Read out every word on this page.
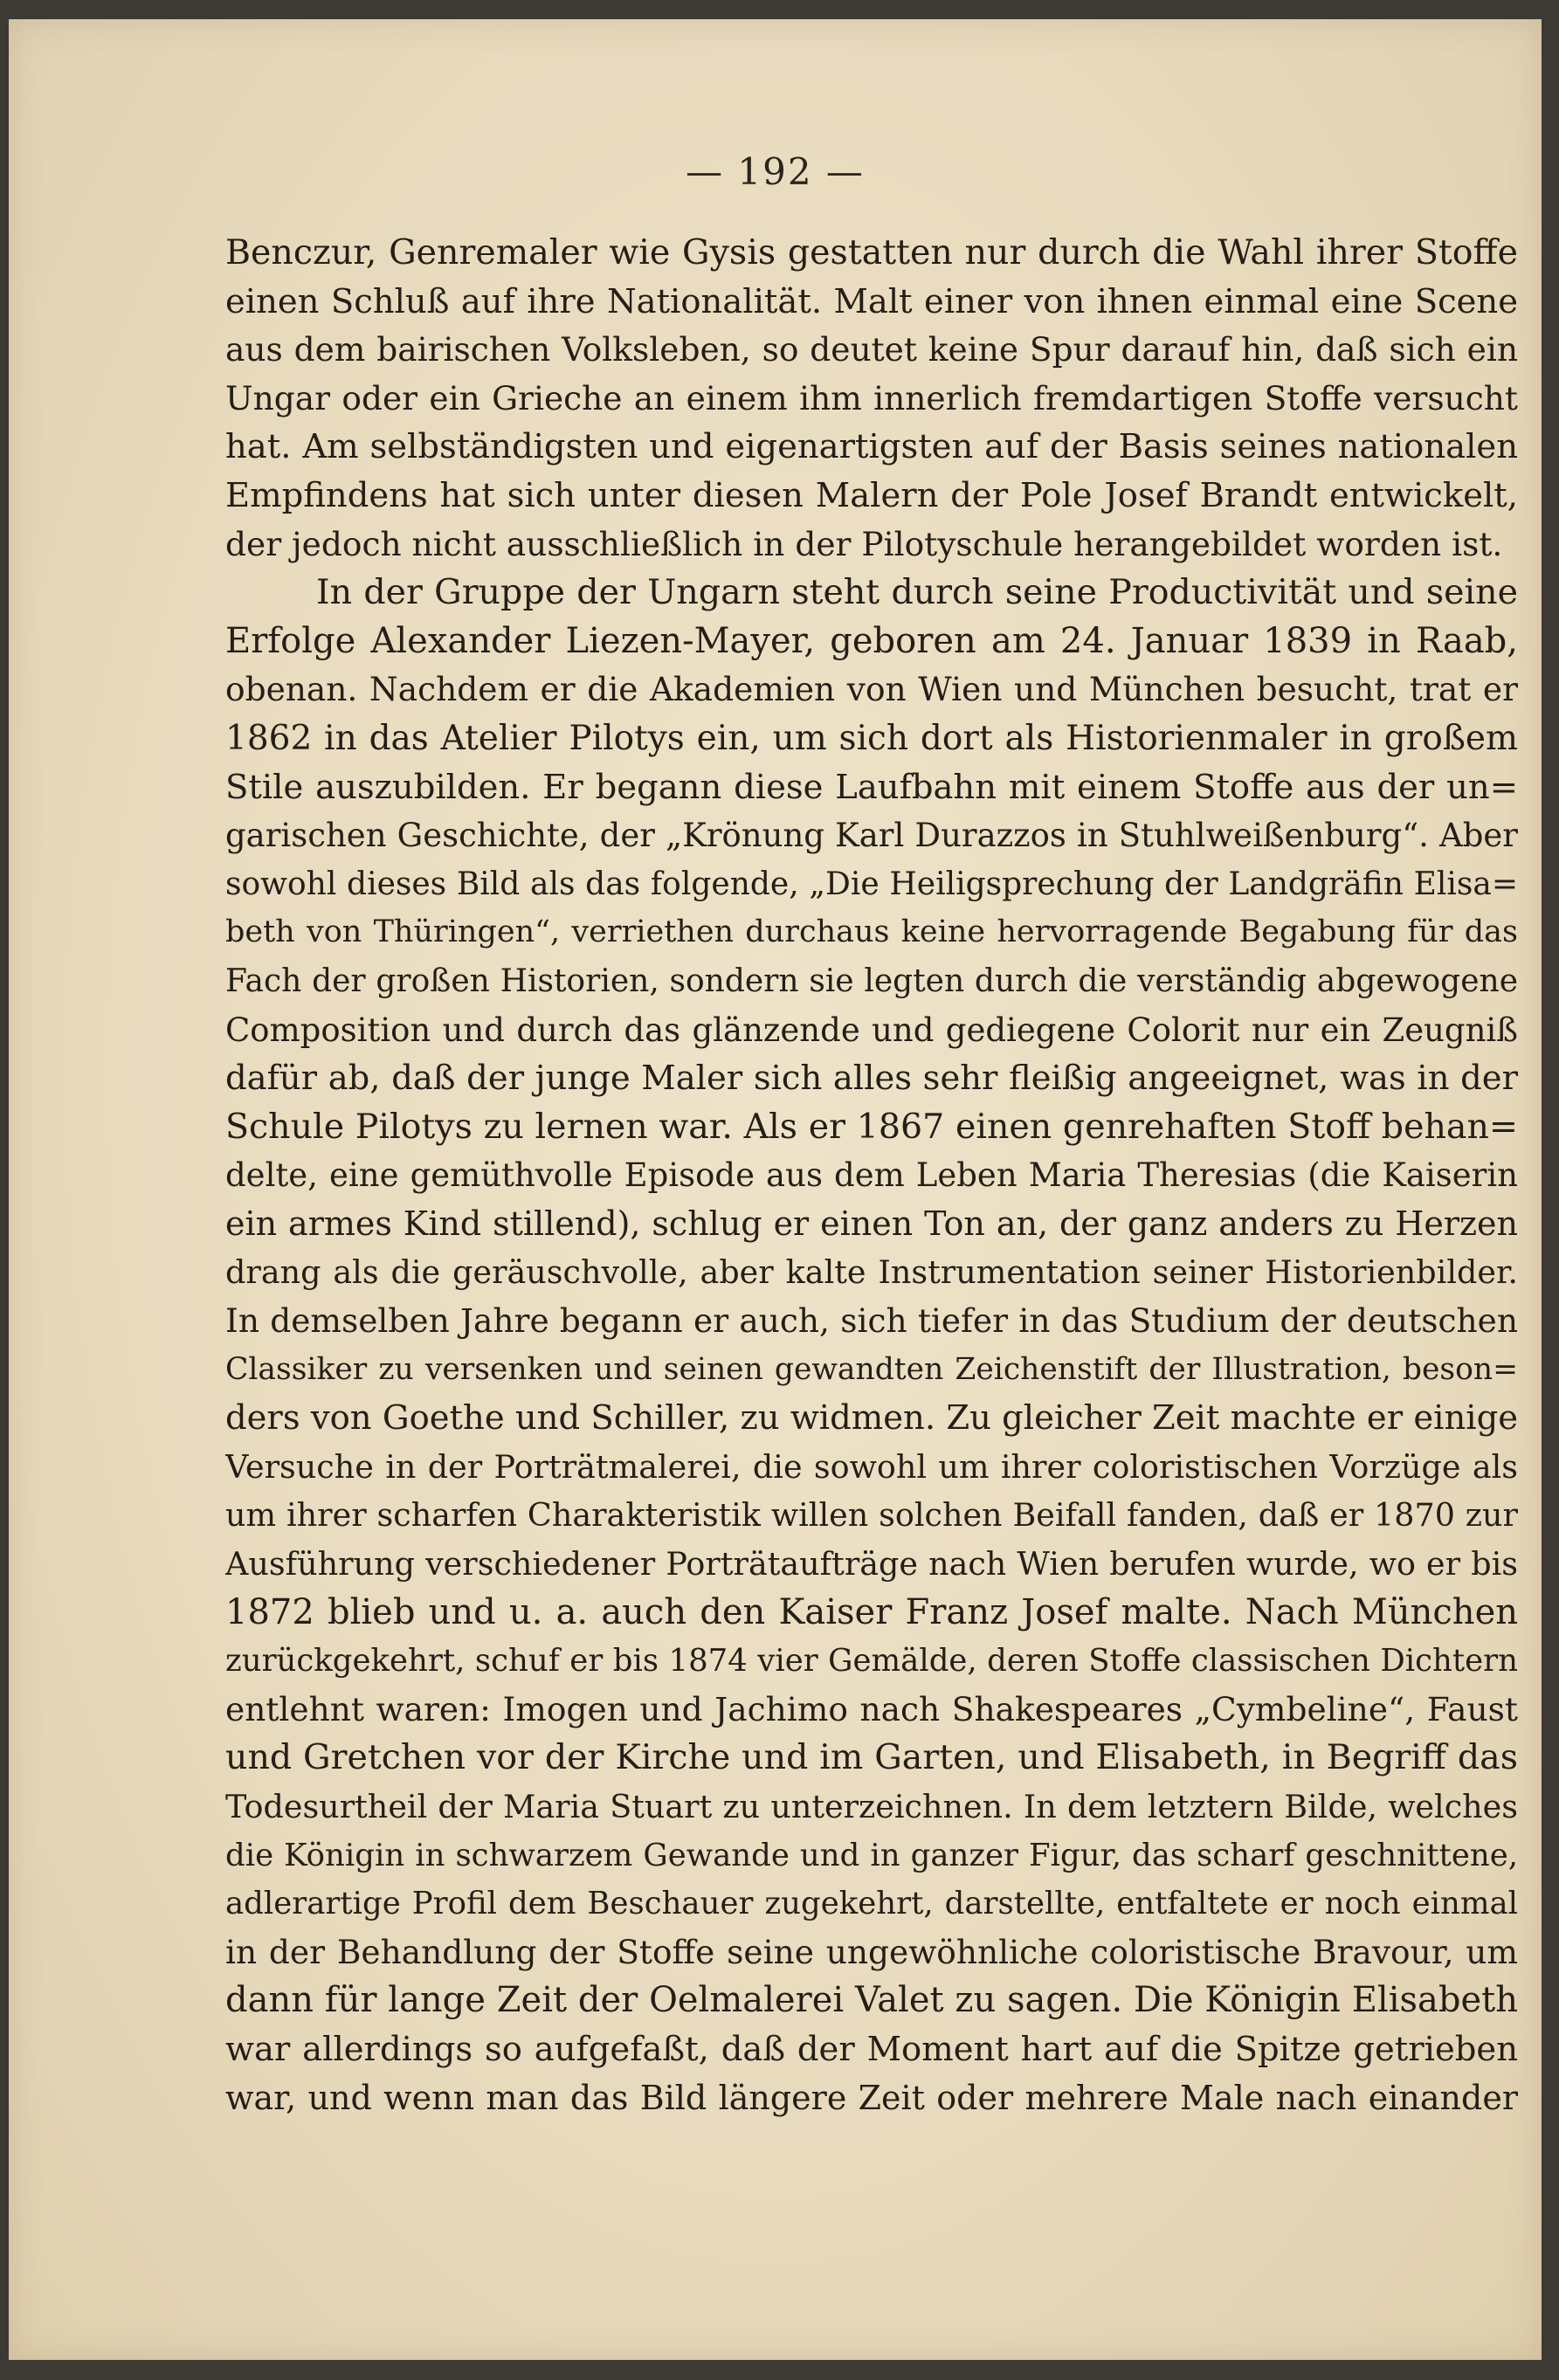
— 192 —
Benczur, Genremaler wie Gysis gestatten nur durch die Wahl ihrer Stoffe
einen Schluß auf ihre Nationalität. Malt einer von ihnen einmal eine Scene
aus dem bairischen Volksleben, so deutet keine Spur darauf hin, daß sich ein
Ungar oder ein Grieche an einem ihm innerlich fremdartigen Stoffe versucht
hat. Am selbständigsten und eigenartigsten auf der Basis seines nationalen
Empfindens hat sich unter diesen Malern der Pole Josef Brandt entwickelt,
der jedoch nicht ausschließlich in der Pilotyschule herangebildet worden ist.
In der Gruppe der Ungarn steht durch seine Productivität und seine
Erfolge Alexander Liezen-Mayer, geboren am 24. Januar 1839 in Raab,
obenan. Nachdem er die Akademien von Wien und München besucht, trat er
1862 in das Atelier Pilotys ein, um sich dort als Historienmaler in großem
Stile auszubilden. Er begann diese Laufbahn mit einem Stoffe aus der un=
garischen Geschichte, der „Krönung Karl Durazzos in Stuhlweißenburg“. Aber
sowohl dieses Bild als das folgende, „Die Heiligsprechung der Landgräfin Elisa=
beth von Thüringen“, verriethen durchaus keine hervorragende Begabung für das
Fach der großen Historien, sondern sie legten durch die verständig abgewogene
Composition und durch das glänzende und gediegene Colorit nur ein Zeugniß
dafür ab, daß der junge Maler sich alles sehr fleißig angeeignet, was in der
Schule Pilotys zu lernen war. Als er 1867 einen genrehaften Stoff behan=
delte, eine gemüthvolle Episode aus dem Leben Maria Theresias (die Kaiserin
ein armes Kind stillend), schlug er einen Ton an, der ganz anders zu Herzen
drang als die geräuschvolle, aber kalte Instrumentation seiner Historienbilder.
In demselben Jahre begann er auch, sich tiefer in das Studium der deutschen
Classiker zu versenken und seinen gewandten Zeichenstift der Illustration, beson=
ders von Goethe und Schiller, zu widmen. Zu gleicher Zeit machte er einige
Versuche in der Porträtmalerei, die sowohl um ihrer coloristischen Vorzüge als
um ihrer scharfen Charakteristik willen solchen Beifall fanden, daß er 1870 zur
Ausführung verschiedener Porträtaufträge nach Wien berufen wurde, wo er bis
1872 blieb und u. a. auch den Kaiser Franz Josef malte. Nach München
zurückgekehrt, schuf er bis 1874 vier Gemälde, deren Stoffe classischen Dichtern
entlehnt waren: Imogen und Jachimo nach Shakespeares „Cymbeline“, Faust
und Gretchen vor der Kirche und im Garten, und Elisabeth, in Begriff das
Todesurtheil der Maria Stuart zu unterzeichnen. In dem letztern Bilde, welches
die Königin in schwarzem Gewande und in ganzer Figur, das scharf geschnittene,
adlerartige Profil dem Beschauer zugekehrt, darstellte, entfaltete er noch einmal
in der Behandlung der Stoffe seine ungewöhnliche coloristische Bravour, um
dann für lange Zeit der Oelmalerei Valet zu sagen. Die Königin Elisabeth
war allerdings so aufgefaßt, daß der Moment hart auf die Spitze getrieben
war, und wenn man das Bild längere Zeit oder mehrere Male nach einander
